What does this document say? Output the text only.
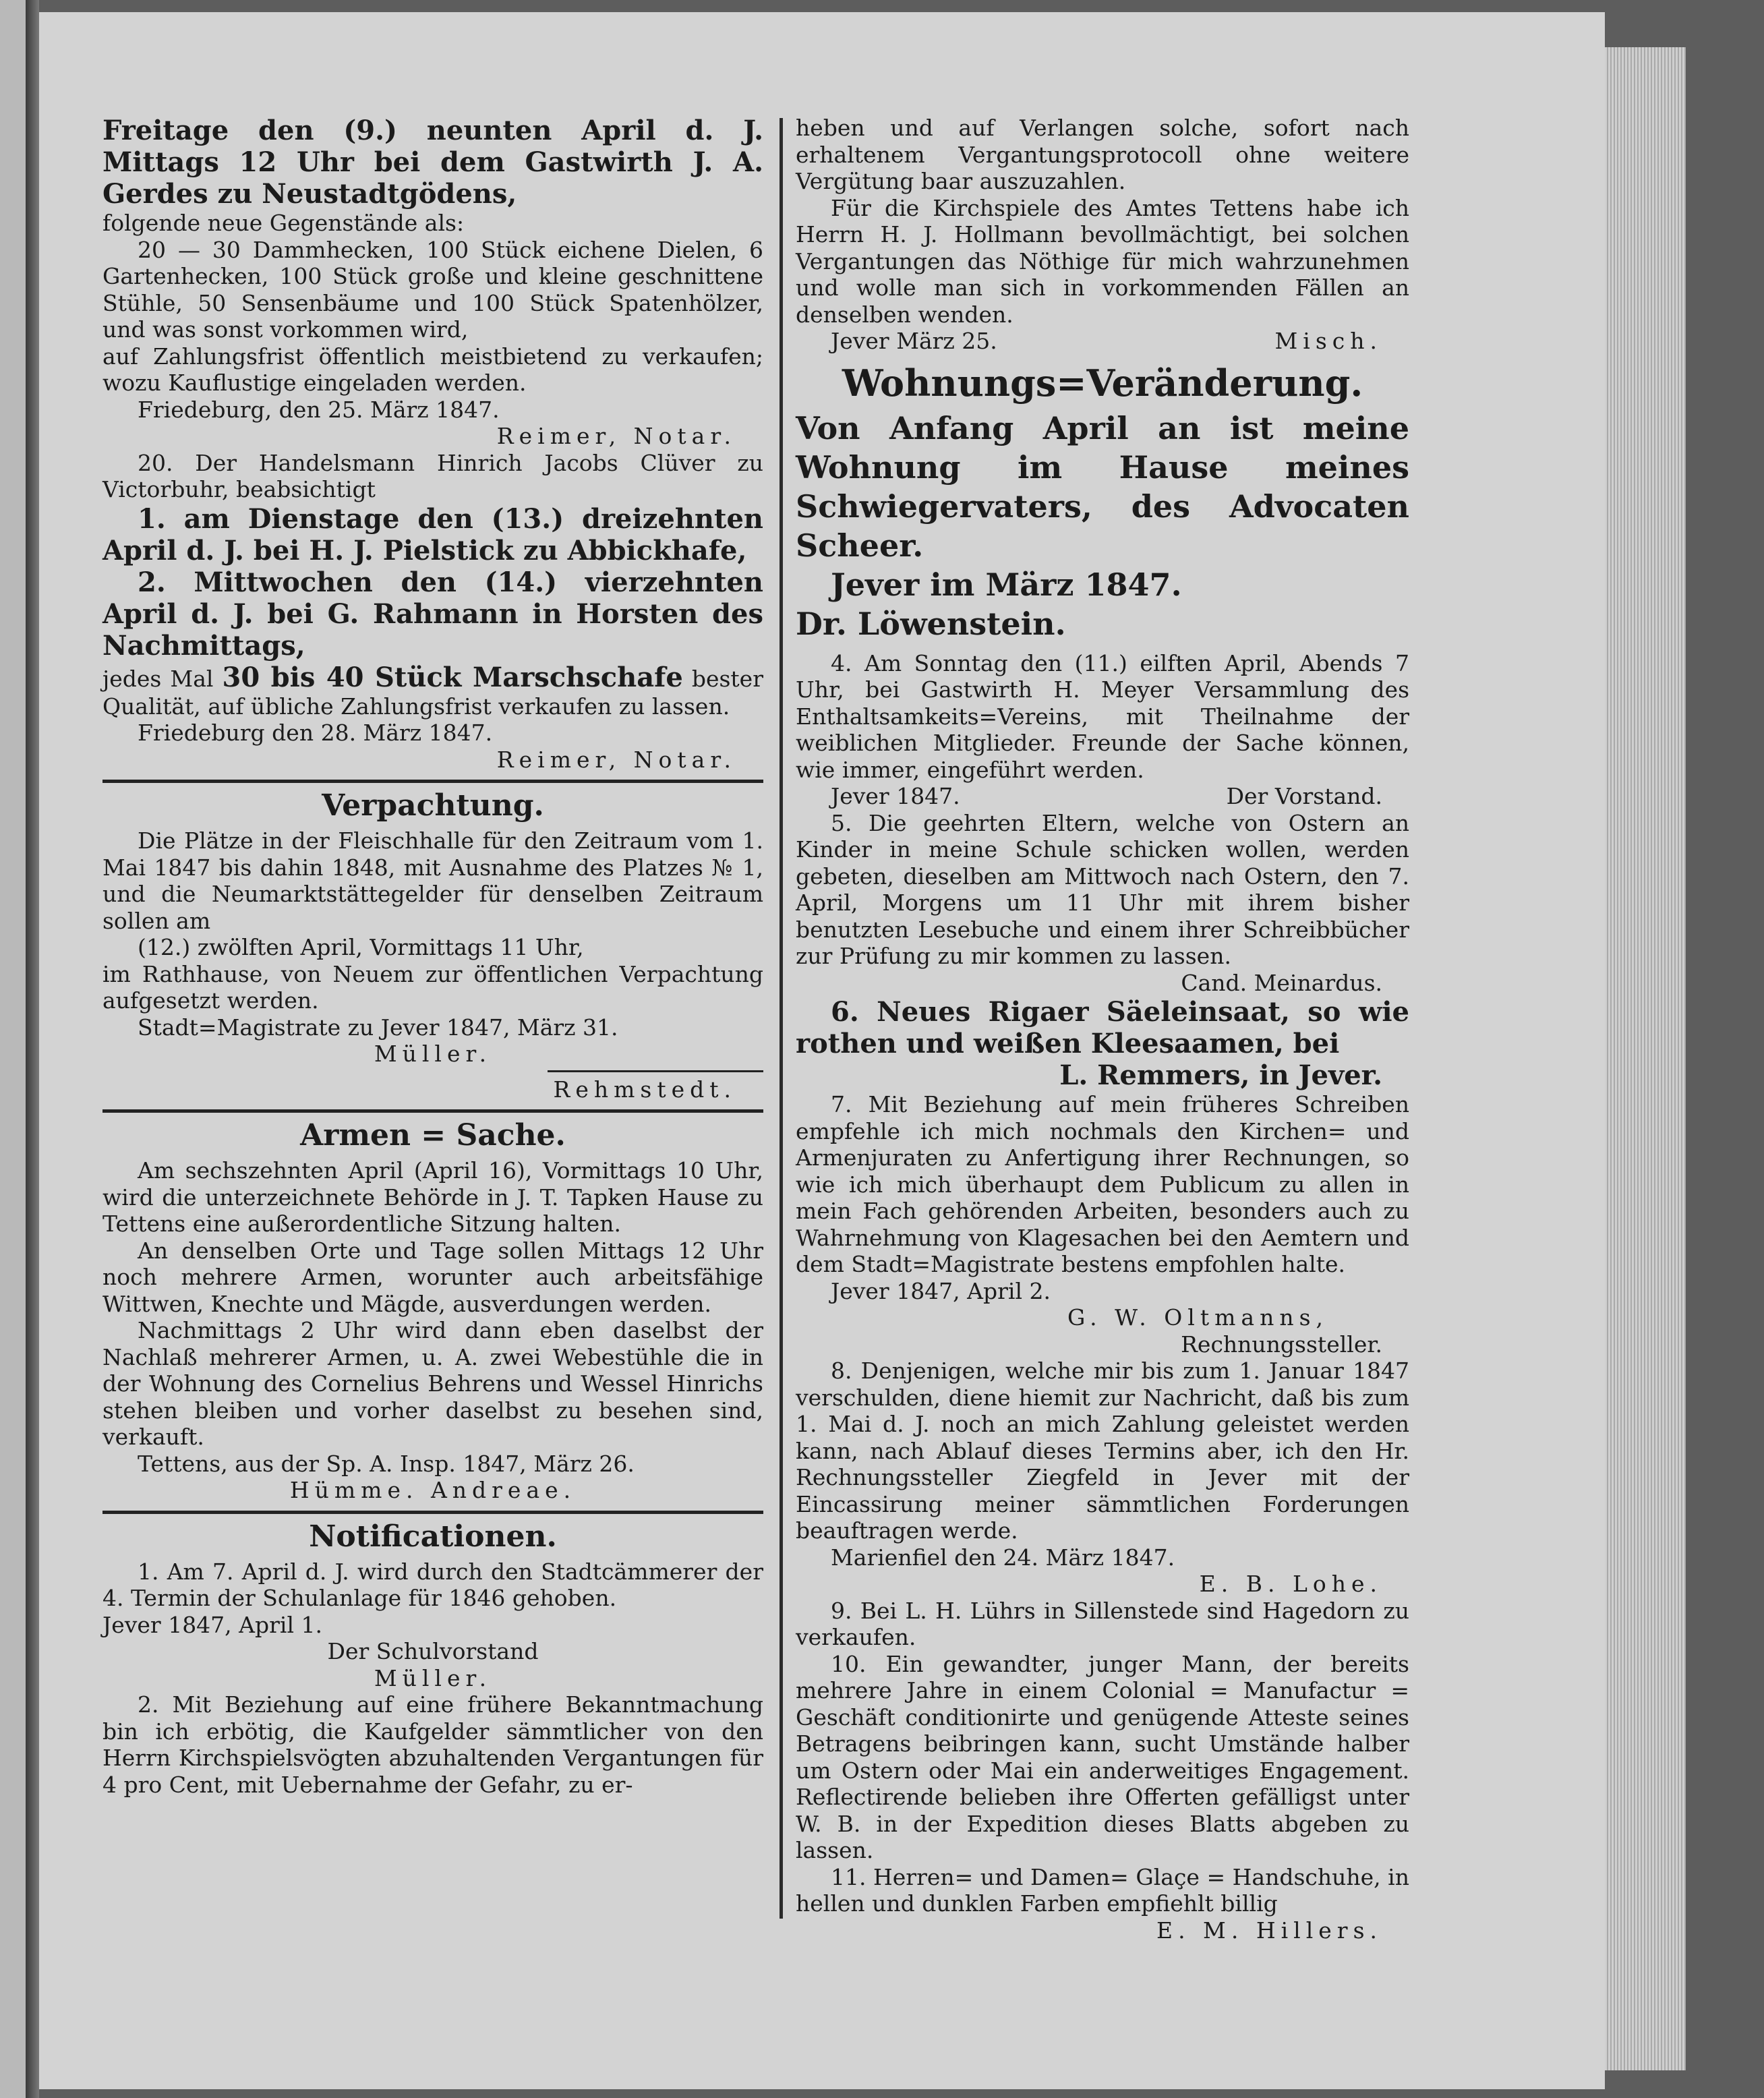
Freitage den (9.) neunten April d. J. Mittags 12 Uhr bei dem Gastwirth J. A. Gerdes zu Neustadtgödens,

folgende neue Gegenstände als:

20 — 30 Dammhecken, 100 Stück eichene Dielen, 6 Gartenhecken, 100 Stück große und kleine geschnittene Stühle, 50 Sensenbäume und 100 Stück Spatenhölzer, und was sonst vorkommen wird,

auf Zahlungsfrist öffentlich meistbietend zu verkaufen; wozu Kauflustige eingeladen werden.

Friedeburg, den 25. März 1847.

Reimer, Notar.

20. Der Handelsmann Hinrich Jacobs Clüver zu Victorbuhr, beabsichtigt

1. am Dienstage den (13.) dreizehnten April d. J. bei H. J. Pielstick zu Abbickhafe,

2. Mittwochen den (14.) vierzehnten April d. J. bei G. Rahmann in Horsten des Nachmittags,

jedes Mal 30 bis 40 Stück Marschschafe bester Qualität, auf übliche Zahlungsfrist verkaufen zu lassen.

Friedeburg den 28. März 1847.

Reimer, Notar.

Verpachtung.

Die Plätze in der Fleischhalle für den Zeitraum vom 1. Mai 1847 bis dahin 1848, mit Ausnahme des Platzes № 1, und die Neumarktstättegelder für denselben Zeitraum sollen am

(12.) zwölften April, Vormittags 11 Uhr,

im Rathhause, von Neuem zur öffentlichen Verpachtung aufgesetzt werden.

Stadt=Magistrate zu Jever 1847, März 31.

Müller.

Rehmstedt.

Armen = Sache.

Am sechszehnten April (April 16), Vormittags 10 Uhr, wird die unterzeichnete Behörde in J. T. Tapken Hause zu Tettens eine außerordentliche Sitzung halten.

An denselben Orte und Tage sollen Mittags 12 Uhr noch mehrere Armen, worunter auch arbeitsfähige Wittwen, Knechte und Mägde, ausverdungen werden.

Nachmittags 2 Uhr wird dann eben daselbst der Nachlaß mehrerer Armen, u. A. zwei Webestühle die in der Wohnung des Cornelius Behrens und Wessel Hinrichs stehen bleiben und vorher daselbst zu besehen sind, verkauft.

Tettens, aus der Sp. A. Insp. 1847, März 26.

Hümme. Andreae.

Notificationen.

1. Am 7. April d. J. wird durch den Stadtcämmerer der 4. Termin der Schulanlage für 1846 gehoben.

Jever 1847, April 1.

Der Schulvorstand

Müller.

2. Mit Beziehung auf eine frühere Bekanntmachung bin ich erbötig, die Kaufgelder sämmtlicher von den Herrn Kirchspielsvögten abzuhaltenden Vergantungen für 4 pro Cent, mit Uebernahme der Gefahr, zu er-

heben und auf Verlangen solche, sofort nach erhaltenem Vergantungsprotocoll ohne weitere Vergütung baar auszuzahlen.

Für die Kirchspiele des Amtes Tettens habe ich Herrn H. J. Hollmann bevollmächtigt, bei solchen Vergantungen das Nöthige für mich wahrzunehmen und wolle man sich in vorkommenden Fällen an denselben wenden.

Jever März 25.	Misch.

Wohnungs=Veränderung.

Von Anfang April an ist meine Wohnung im Hause meines Schwiegervaters, des Advocaten Scheer.

Jever im März 1847.

Dr. Löwenstein.

4. Am Sonntag den (11.) eilften April, Abends 7 Uhr, bei Gastwirth H. Meyer Versammlung des Enthaltsamkeits=Vereins, mit Theilnahme der weiblichen Mitglieder. Freunde der Sache können, wie immer, eingeführt werden.

Jever 1847.	Der Vorstand.

5. Die geehrten Eltern, welche von Ostern an Kinder in meine Schule schicken wollen, werden gebeten, dieselben am Mittwoch nach Ostern, den 7. April, Morgens um 11 Uhr mit ihrem bisher benutzten Lesebuche und einem ihrer Schreibbücher zur Prüfung zu mir kommen zu lassen.

Cand. Meinardus.

6. Neues Rigaer Säeleinsaat, so wie rothen und weißen Kleesaamen, bei

L. Remmers, in Jever.

7. Mit Beziehung auf mein früheres Schreiben empfehle ich mich nochmals den Kirchen= und Armenjuraten zu Anfertigung ihrer Rechnungen, so wie ich mich überhaupt dem Publicum zu allen in mein Fach gehörenden Arbeiten, besonders auch zu Wahrnehmung von Klagesachen bei den Aemtern und dem Stadt=Magistrate bestens empfohlen halte.

Jever 1847, April 2.

G. W. Oltmanns,

Rechnungssteller.

8. Denjenigen, welche mir bis zum 1. Januar 1847 verschulden, diene hiemit zur Nachricht, daß bis zum 1. Mai d. J. noch an mich Zahlung geleistet werden kann, nach Ablauf dieses Termins aber, ich den Hr. Rechnungssteller Ziegfeld in Jever mit der Eincassirung meiner sämmtlichen Forderungen beauftragen werde.

Marienfiel den 24. März 1847.

E. B. Lohe.

9. Bei L. H. Lührs in Sillenstede sind Hagedorn zu verkaufen.

10. Ein gewandter, junger Mann, der bereits mehrere Jahre in einem Colonial = Manufactur = Geschäft conditionirte und genügende Atteste seines Betragens beibringen kann, sucht Umstände halber um Ostern oder Mai ein anderweitiges Engagement. Reflectirende belieben ihre Offerten gefälligst unter W. B. in der Expedition dieses Blatts abgeben zu lassen.

11. Herren= und Damen= Glaçe = Handschuhe, in hellen und dunklen Farben empfiehlt billig

E. M. Hillers.
